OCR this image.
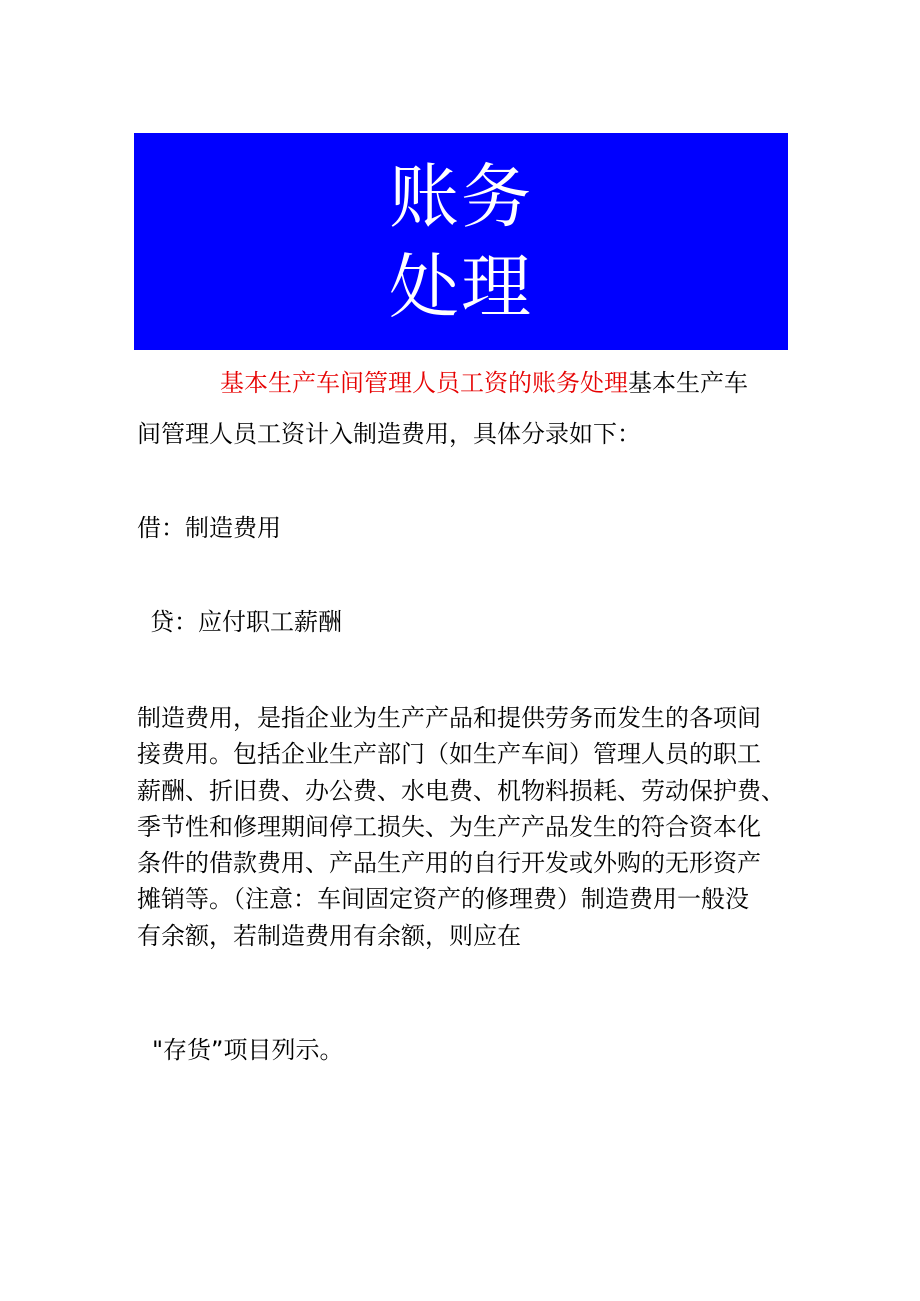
账务
处理
基本生产车间管理人员工资的账务处理基本生产车
间管理人员工资计入制造费用，具体分录如下：
借：制造费用
贷：应付职工薪酬
制造费用，是指企业为生产产品和提供劳务而发生的各项间
接费用。包括企业生产部门（如生产车间）管理人员的职工
薪酬、折旧费、办公费、水电费、机物料损耗、劳动保护费、
季节性和修理期间停工损失、为生产产品发生的符合资本化
条件的借款费用、产品生产用的自行开发或外购的无形资产
摊销等。（注意：车间固定资产的修理费）制造费用一般没
有余额，若制造费用有余额，则应在
"存货”项目列示。
